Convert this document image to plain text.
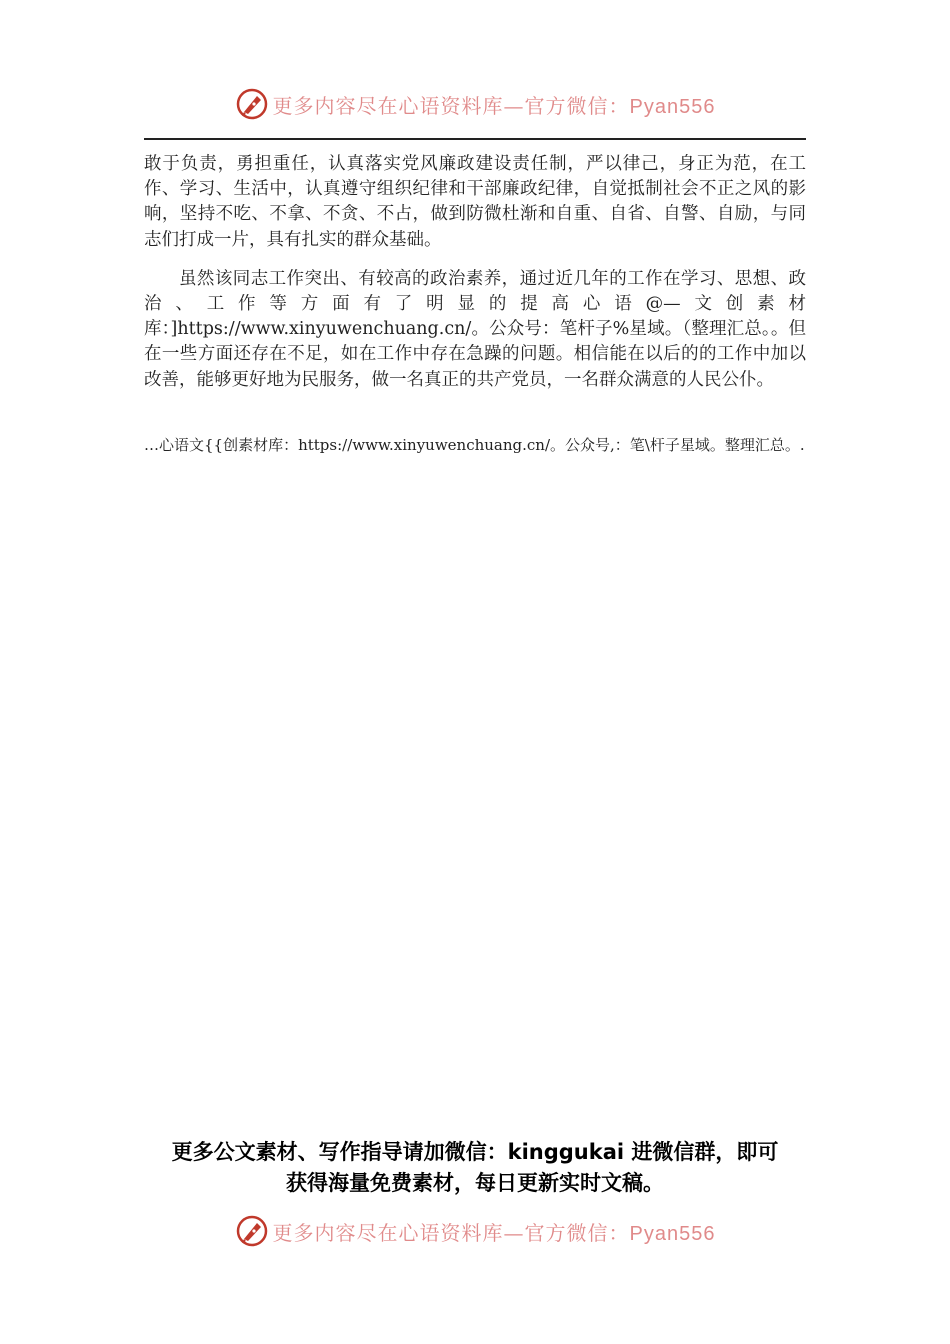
更多内容尽在心语资料库—官方微信：Pyan556

敢于负责，勇担重任，认真落实党风廉政建设责任制，严以律己，身正为范，在工作、学习、生活中，认真遵守组织纪律和干部廉政纪律，自觉抵制社会不正之风的影响，坚持不吃、不拿、不贪、不占，做到防微杜渐和自重、自省、自警、自励，与同志们打成一片，具有扎实的群众基础。

虽然该同志工作突出、有较高的政治素养，通过近几年的工作在学习、思想、政治、工作等方面有了明显的提高心语@—文创素材库：]https://www.xinyuwenchuang.cn/。公众号：笔杆子%星域。（整理汇总。。但在一些方面还存在不足，如在工作中存在急躁的问题。相信能在以后的的工作中加以改善，能够更好地为民服务，做一名真正的共产党员，一名群众满意的人民公仆。

…心语文{{创素材库：https://www.xinyuwenchuang.cn/。公众号,：笔\杆子星域。整理汇总。.

更多公文素材、写作指导请加微信：kinggukai 进微信群，即可
获得海量免费素材，每日更新实时文稿。
更多内容尽在心语资料库—官方微信：Pyan556
